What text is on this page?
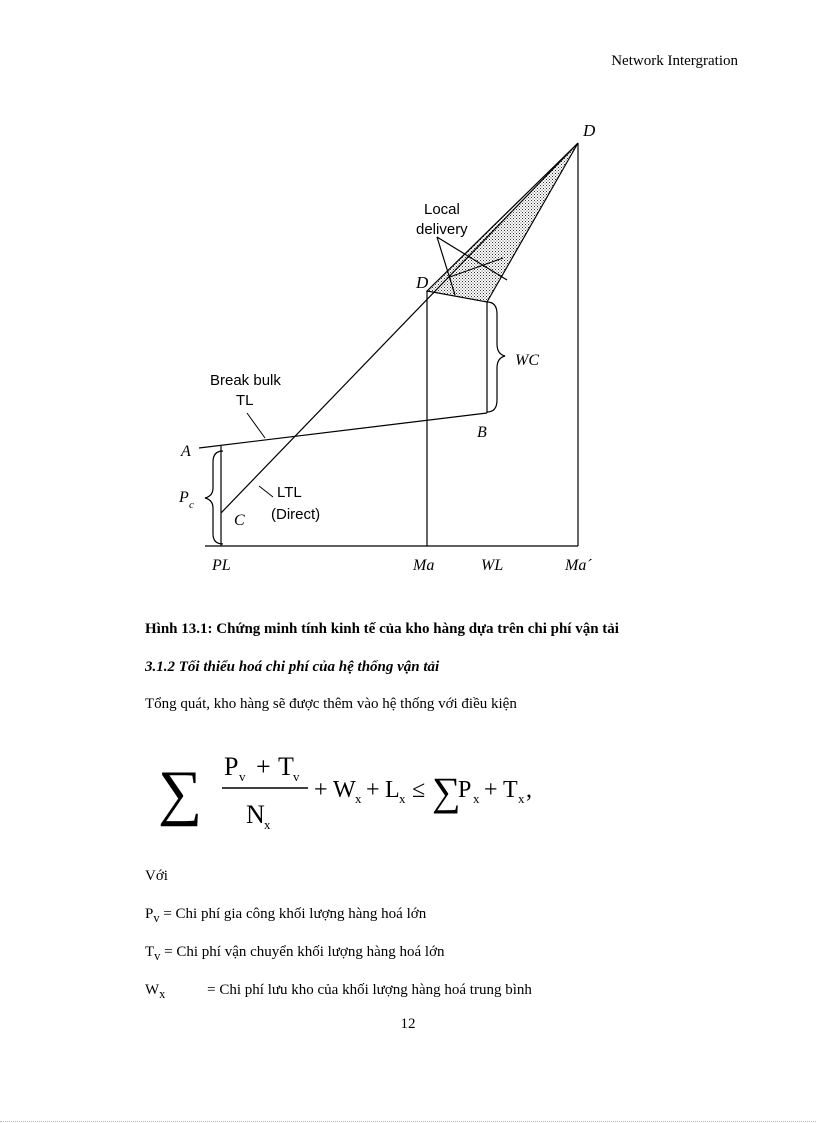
Network Intergration
D
D
Local
delivery
WC
Break bulk
TL
A
B
C
P c
LTL
(Direct)
PL	Ma	WL	Ma´
Hình 13.1: Chứng minh tính kinh tế của kho hàng dựa trên chi phí vận tải
3.1.2 Tối thiểu hoá chi phí của hệ thống vận tải
Tổng quát, kho hàng sẽ được thêm vào hệ thống với điều kiện
∑ P v + T v
N x
+ W x + L x ≤ ∑
P x + T x ,
Với
$P_v$ = Chi phí gia công khối lượng hàng hoá lớn
$T_v$ = Chi phí vận chuyển khối lượng hàng hoá lớn
$W_x$	= Chi phí lưu kho của khối lượng hàng hoá trung bình
12
